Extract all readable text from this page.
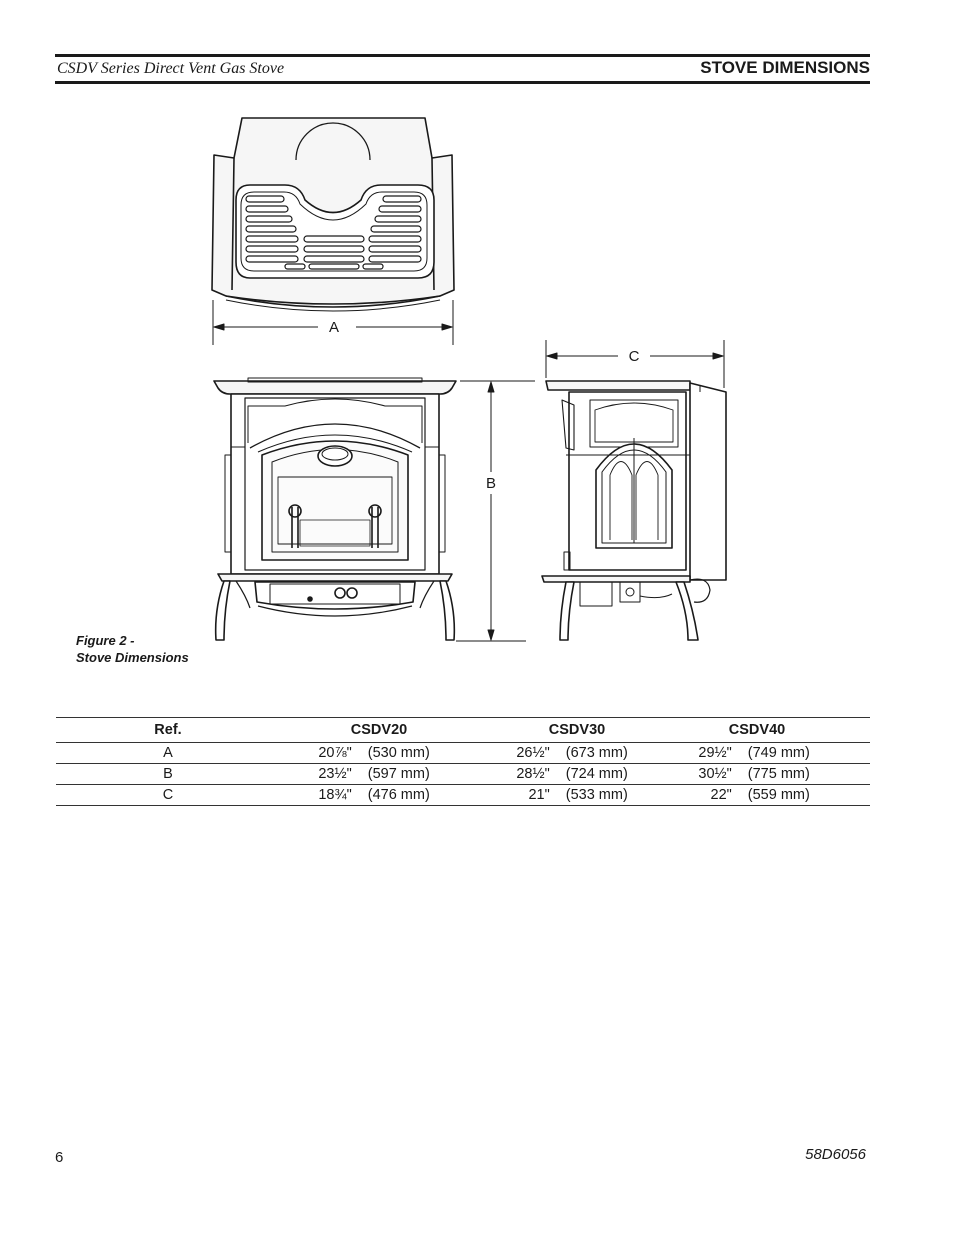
CSDV Series Direct Vent Gas Stove	STOVE DIMENSIONS
A
B
C
Figure 2 -
Stove Dimensions
Ref.	CSDV20		CSDV30		CSDV40		
A	20⅞"	(530 mm)	26½"	(673 mm)	29½"	(749 mm)	
B	23½"	(597 mm)	28½"	(724 mm)	30½"	(775 mm)	
C	18¾"	(476 mm)	21"	(533 mm)	22"	(559 mm)	
6	58D6056
